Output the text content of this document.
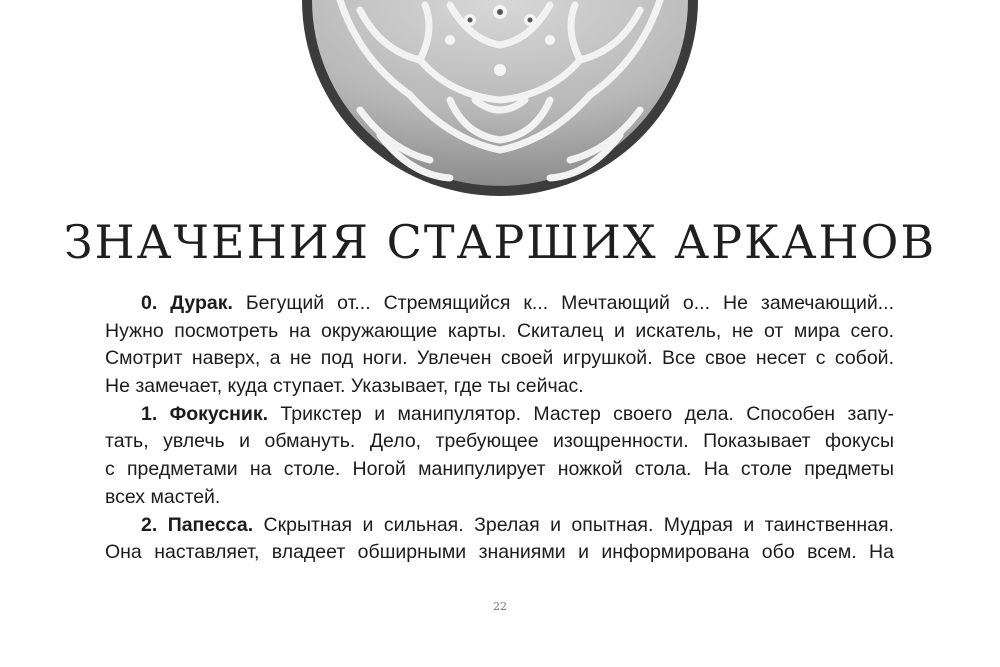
ЗНАЧЕНИЯ СТАРШИХ АРКАНОВ
0. Дурак. Бегущий от... Стремящийся к... Мечтающий о... Не замечающий...
Нужно посмотреть на окружающие карты. Скиталец и искатель, не от мира сего.
Смотрит наверх, а не под ноги. Увлечен своей игрушкой. Все свое несет с собой.
Не замечает, куда ступает. Указывает, где ты сейчас.
1. Фокусник. Трикстер и манипулятор. Мастер своего дела. Способен запу-
тать, увлечь и обмануть. Дело, требующее изощренности. Показывает фокусы
с предметами на столе. Ногой манипулирует ножкой стола. На столе предметы
всех мастей.
2. Папесса. Скрытная и сильная. Зрелая и опытная. Мудрая и таинственная.
Она наставляет, владеет обширными знаниями и информирована обо всем. На
22
